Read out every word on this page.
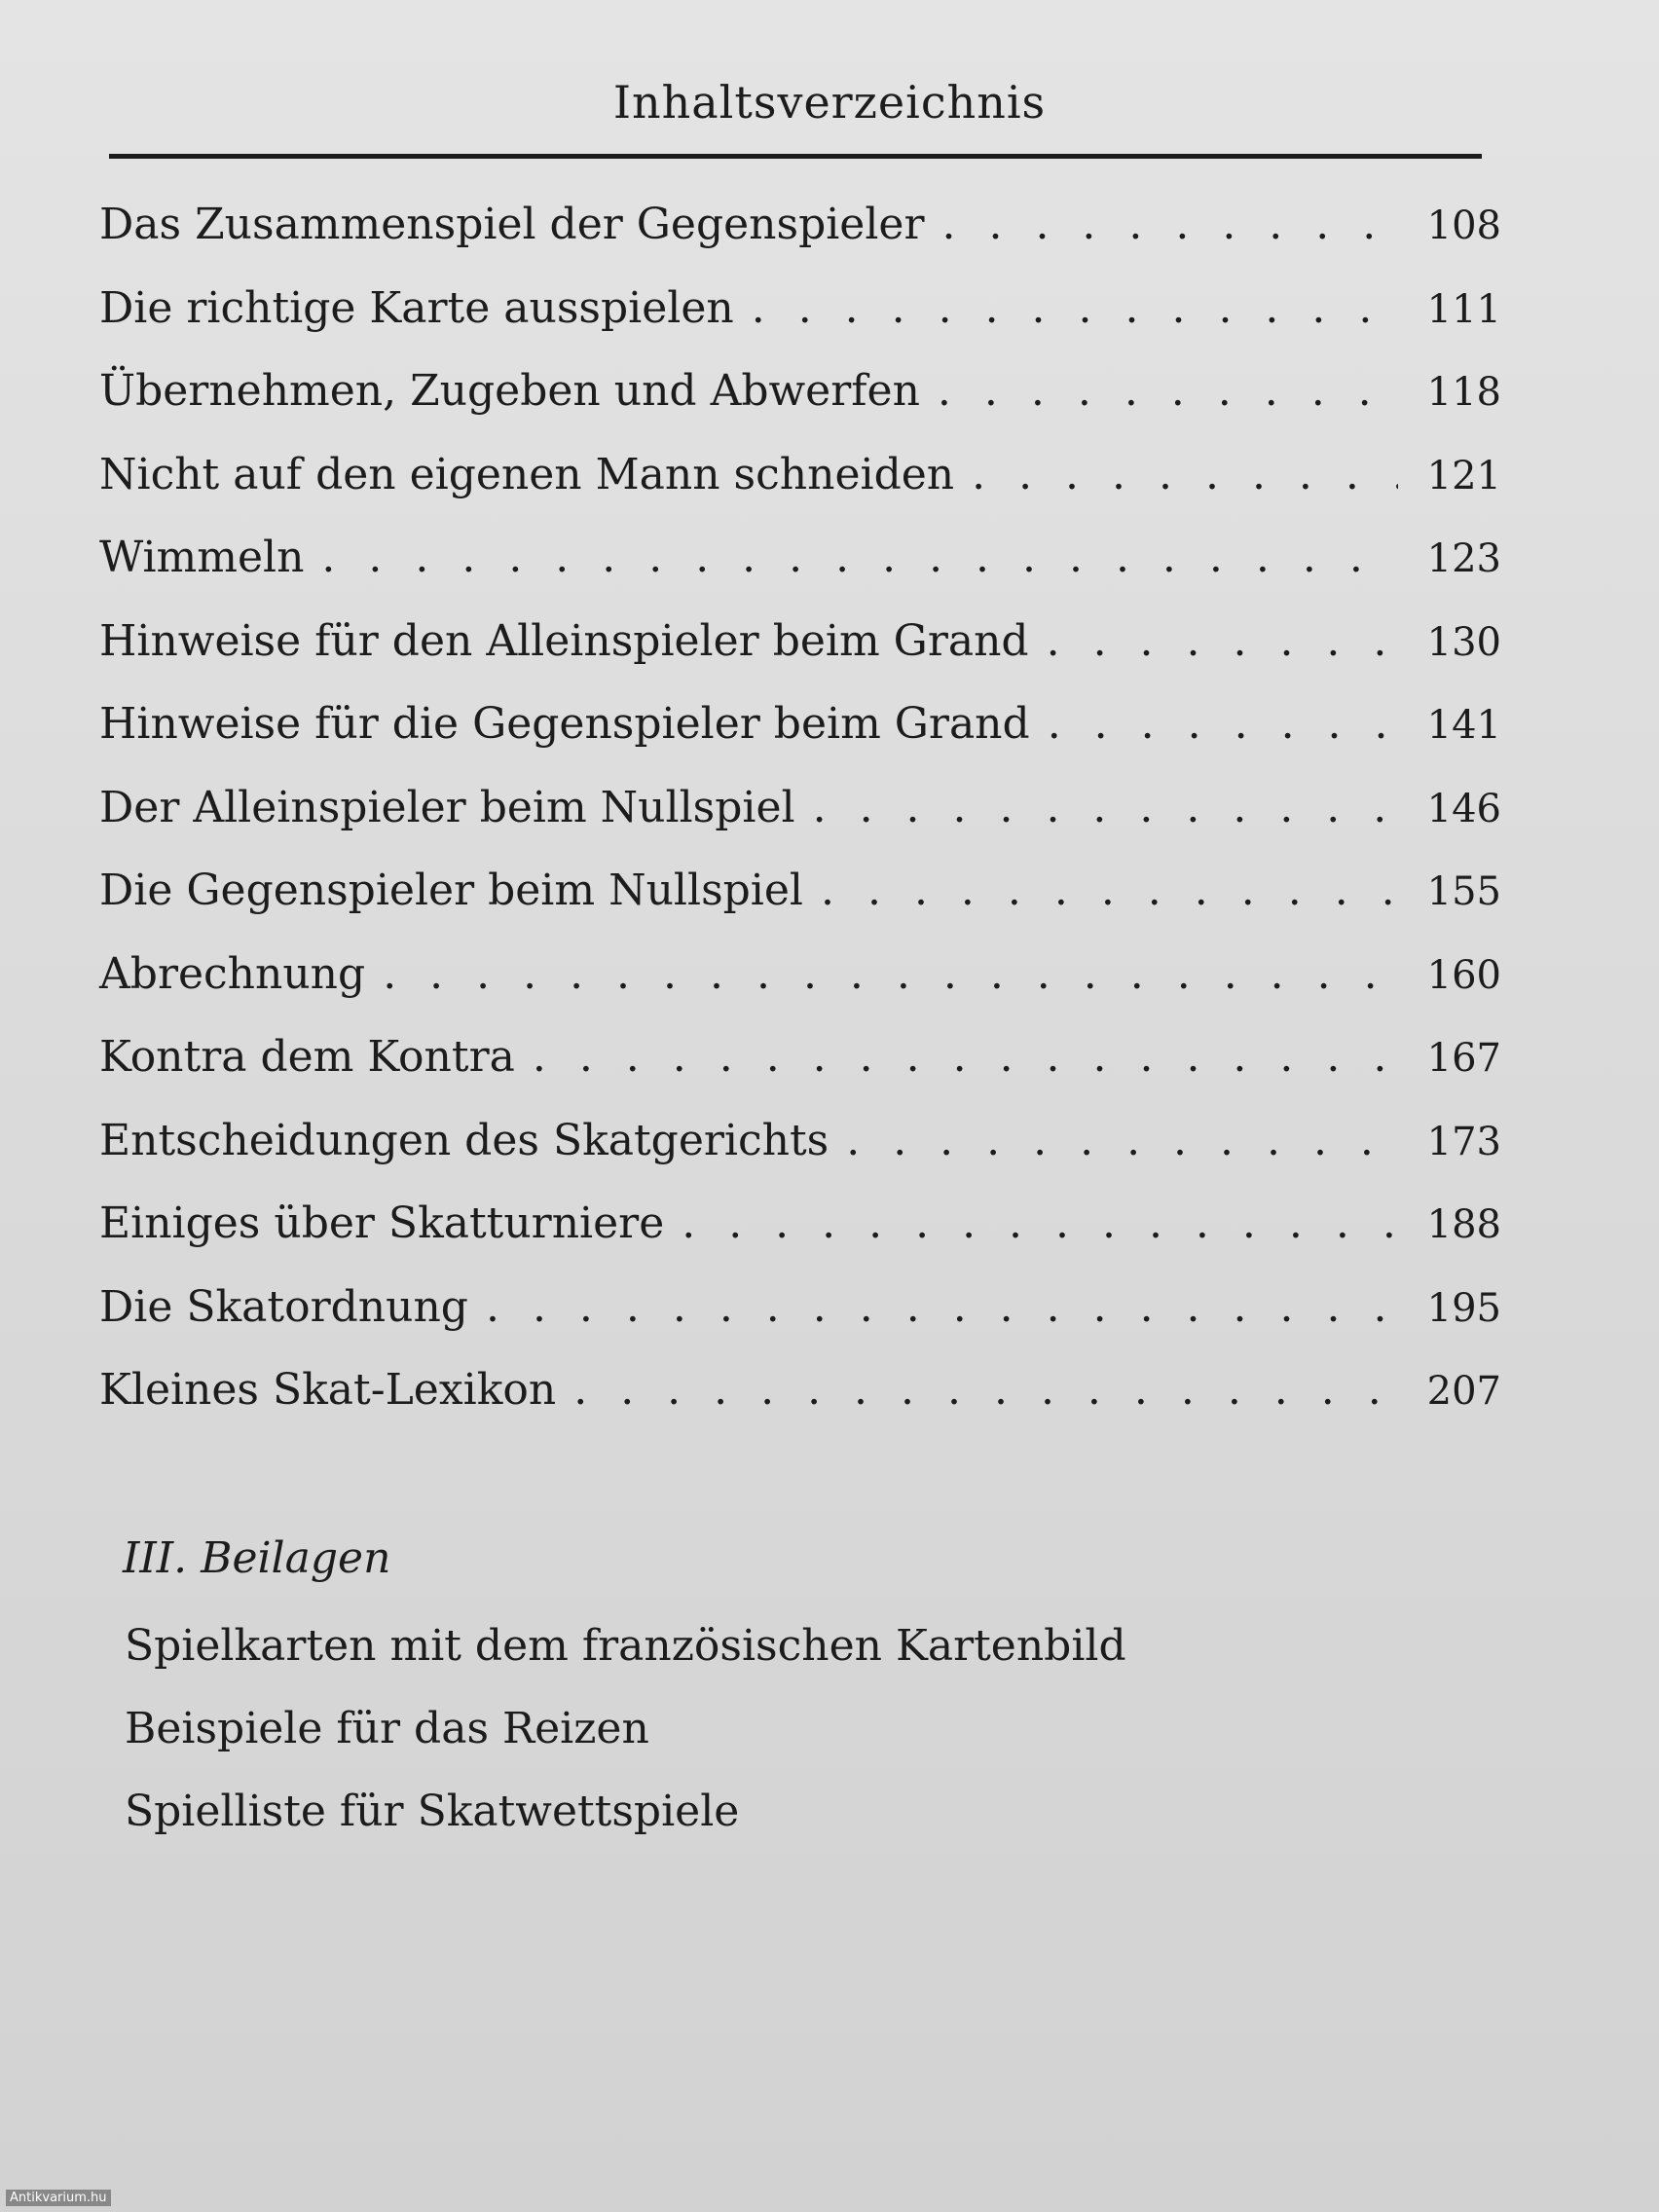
Inhaltsverzeichnis
Das Zusammenspiel der Gegenspieler . . .	108
Die richtige Karte ausspielen . . .	111
Übernehmen, Zugeben und Abwerfen . . .	118
Nicht auf den eigenen Mann schneiden . . .	121
Wimmeln . . .	123
Hinweise für den Alleinspieler beim Grand . . .	130
Hinweise für die Gegenspieler beim Grand . . .	141
Der Alleinspieler beim Nullspiel . . .	146
Die Gegenspieler beim Nullspiel . . .	155
Abrechnung . . .	160
Kontra dem Kontra . . .	167
Entscheidungen des Skatgerichts . . .	173
Einiges über Skatturniere . . .	188
Die Skatordnung . . .	195
Kleines Skat-Lexikon . . .	207
III. Beilagen
Spielkarten mit dem französischen Kartenbild
Beispiele für das Reizen
Spielliste für Skatwettspiele
Antikvarium.hu
